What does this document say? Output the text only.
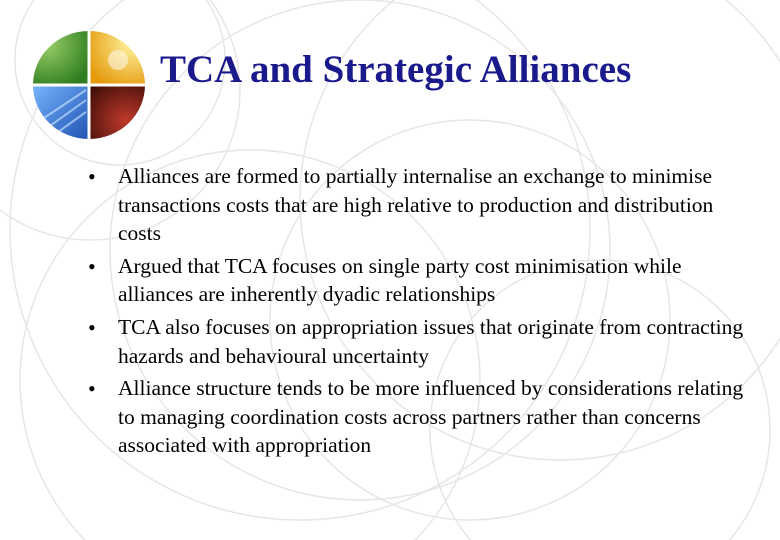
TCA and Strategic Alliances
• Alliances are formed to partially internalise an exchange to minimise transactions costs that are high relative to production and distribution costs
• Argued that TCA focuses on single party cost minimisation while alliances are inherently dyadic relationships
• TCA also focuses on appropriation issues that originate from contracting hazards and behavioural uncertainty
• Alliance structure tends to be more influenced by considerations relating to managing coordination costs across partners rather than concerns associated with appropriation
